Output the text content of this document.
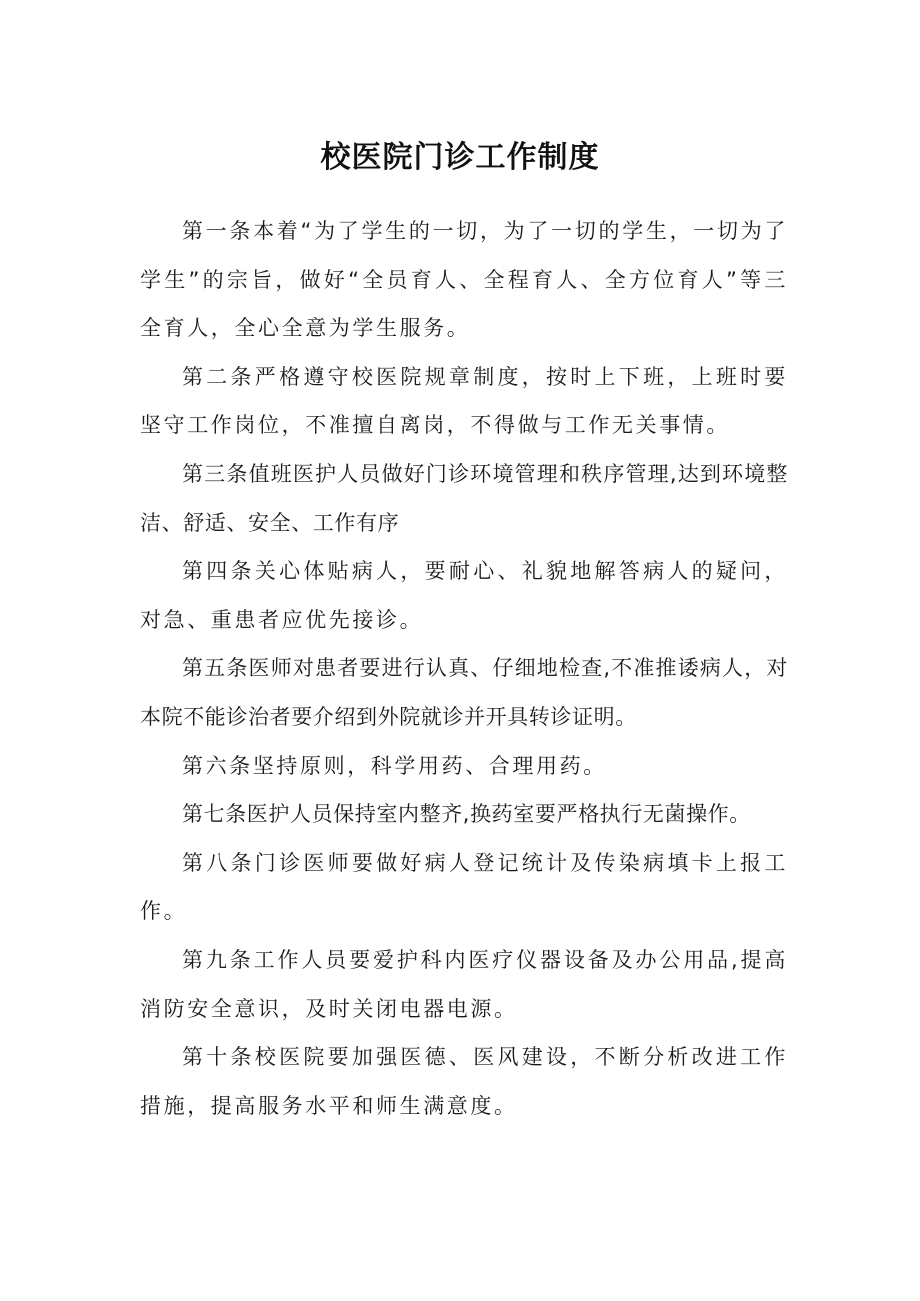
校医院门诊工作制度

第一条本着“为了学生的一切，为了一切的学生，一切为了学生”的宗旨，做好“全员育人、全程育人、全方位育人”等三全育人，全心全意为学生服务。

第二条严格遵守校医院规章制度，按时上下班，上班时要坚守工作岗位，不准擅自离岗，不得做与工作无关事情。

第三条值班医护人员做好门诊环境管理和秩序管理,达到环境整洁、舒适、安全、工作有序

第四条关心体贴病人，要耐心、礼貌地解答病人的疑问，对急、重患者应优先接诊。

第五条医师对患者要进行认真、仔细地检查,不准推诿病人，对本院不能诊治者要介绍到外院就诊并开具转诊证明。

第六条坚持原则，科学用药、合理用药。

第七条医护人员保持室内整齐,换药室要严格执行无菌操作。

第八条门诊医师要做好病人登记统计及传染病填卡上报工作。

第九条工作人员要爱护科内医疗仪器设备及办公用品,提高消防安全意识，及时关闭电器电源。

第十条校医院要加强医德、医风建设，不断分析改进工作措施，提高服务水平和师生满意度。
